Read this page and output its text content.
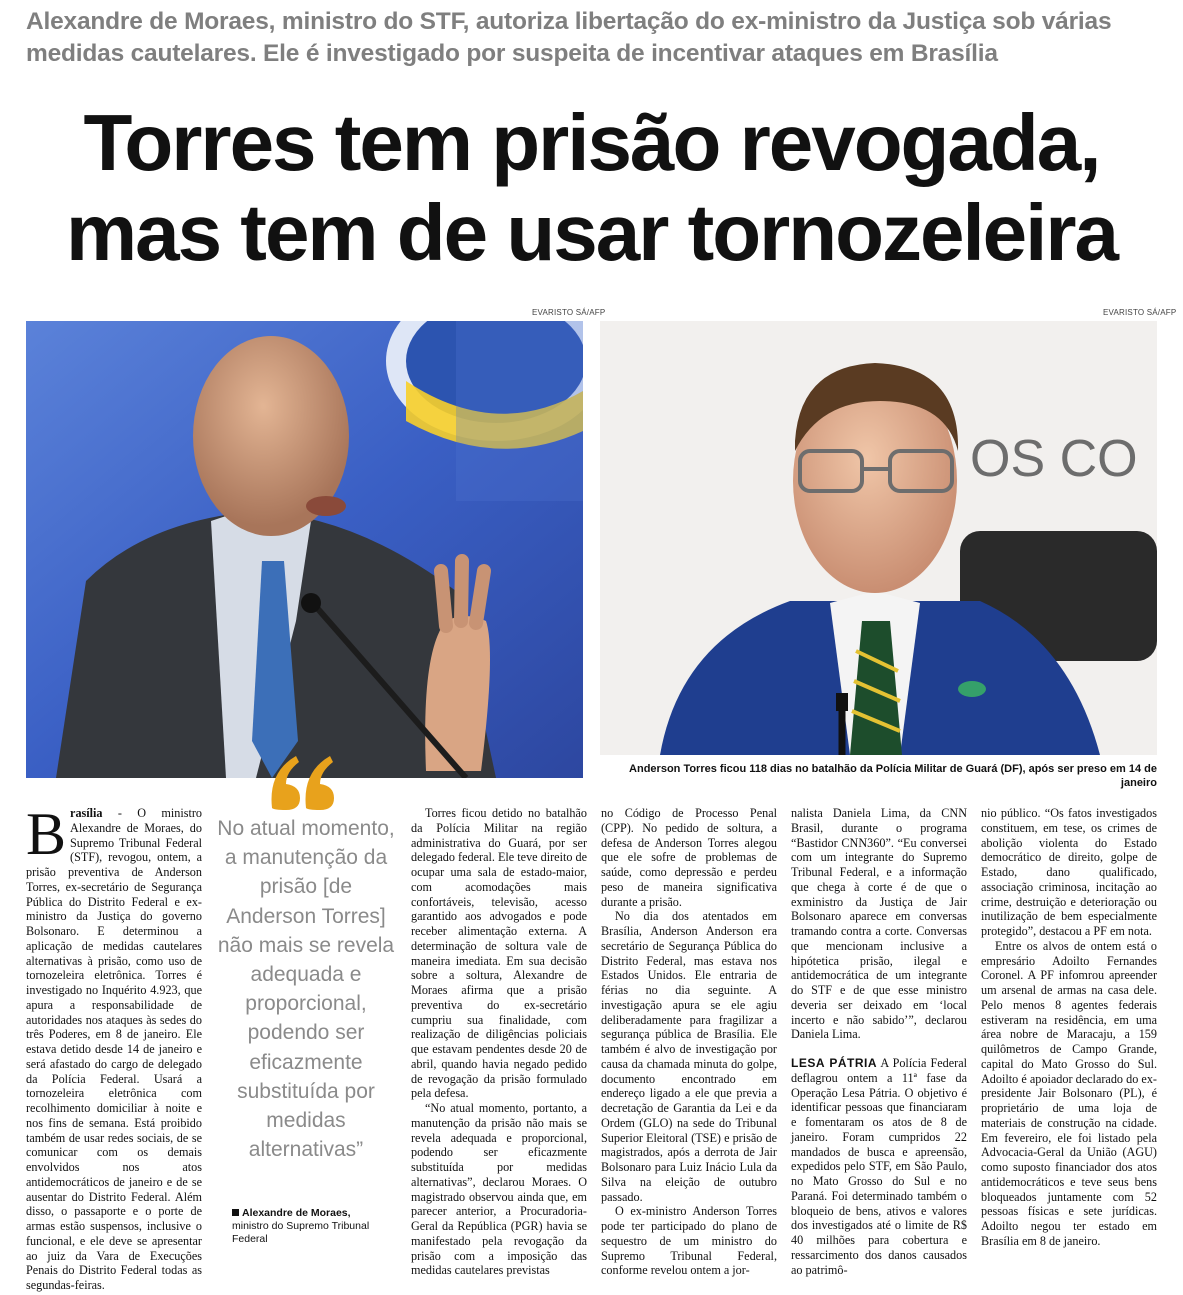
Alexandre de Moraes, ministro do STF, autoriza libertação do ex-ministro da Justiça sob várias medidas cautelares. Ele é investigado por suspeita de incentivar ataques em Brasília
Torres tem prisão revogada,
mas tem de usar tornozeleira
EVARISTO SÁ/AFP	EVARISTO SÁ/AFP
OS CO
Anderson Torres ficou 118 dias no batalhão da Polícia Militar de Guará (DF), após ser preso em 14 de janeiro

Brasília - O ministro Alexandre de Moraes, do Supremo Tribunal Federal (STF), revogou, ontem, a prisão preventiva de Anderson Torres, ex-secretário de Segurança Pública do Distrito Federal e ex-ministro da Justiça do governo Bolsonaro. E determinou a aplicação de medidas cautelares alternativas à prisão, como uso de tornozeleira eletrônica. Torres é investigado no Inquérito 4.923, que apura a responsabilidade de autoridades nos ataques às sedes do três Poderes, em 8 de janeiro. Ele estava detido desde 14 de janeiro e será afastado do cargo de delegado da Polícia Federal. Usará a tornozeleira eletrônica com recolhimento domiciliar à noite e nos fins de semana. Está proibido também de usar redes sociais, de se comunicar com os demais envolvidos nos atos antidemocráticos de janeiro e de se ausentar do Distrito Federal. Além disso, o passaporte e o porte de armas estão suspensos, inclusive o funcional, e ele deve se apresentar ao juiz da Vara de Execuções Penais do Distrito Federal todas as segundas-feiras.

No atual momento, a manutenção da prisão [de Anderson Torres] não mais se revela adequada e proporcional, podendo ser eficazmente substituída por medidas alternativas”
Alexandre de Moraes,
ministro do Supremo Tribunal Federal

Torres ficou detido no batalhão da Polícia Militar na região administrativa do Guará, por ser delegado federal. Ele teve direito de ocupar uma sala de estado-maior, com acomodações mais confortáveis, televisão, acesso garantido aos advogados e pode receber alimentação externa. A determinação de soltura vale de maneira imediata. Em sua decisão sobre a soltura, Alexandre de Moraes afirma que a prisão preventiva do ex-secretário cumpriu sua finalidade, com realização de diligências policiais que estavam pendentes desde 20 de abril, quando havia negado pedido de revogação da prisão formulado pela defesa.

“No atual momento, portanto, a manutenção da prisão não mais se revela adequada e proporcional, podendo ser eficazmente substituída por medidas alternativas”, declarou Moraes. O magistrado observou ainda que, em parecer anterior, a Procuradoria-Geral da República (PGR) havia se manifestado pela revogação da prisão com a imposição das medidas cautelares previstas

no Código de Processo Penal (CPP). No pedido de soltura, a defesa de Anderson Torres alegou que ele sofre de problemas de saúde, como depressão e perdeu peso de maneira significativa durante a prisão.

No dia dos atentados em Brasília, Anderson Anderson era secretário de Segurança Pública do Distrito Federal, mas estava nos Estados Unidos. Ele entraria de férias no dia seguinte. A investigação apura se ele agiu deliberadamente para fragilizar a segurança pública de Brasília. Ele também é alvo de investigação por causa da chamada minuta do golpe, documento encontrado em endereço ligado a ele que previa a decretação de Garantia da Lei e da Ordem (GLO) na sede do Tribunal Superior Eleitoral (TSE) e prisão de magistrados, após a derrota de Jair Bolsonaro para Luiz Inácio Lula da Silva na eleição de outubro passado.

O ex-ministro Anderson Torres pode ter participado do plano de sequestro de um ministro do Supremo Tribunal Federal, conforme revelou ontem a jor-

nalista Daniela Lima, da CNN Brasil, durante o programa “Bastidor CNN360”. “Eu conversei com um integrante do Supremo Tribunal Federal, e a informação que chega à corte é de que o exministro da Justiça de Jair Bolsonaro aparece em conversas tramando contra a corte. Conversas que mencionam inclusive a hipótetica prisão, ilegal e antidemocrática de um integrante do STF e de que esse ministro deveria ser deixado em ‘local incerto e não sabido’”, declarou Daniela Lima.

LESA PÁTRIA A Polícia Federal deflagrou ontem a 11ª fase da Operação Lesa Pátria. O objetivo é identificar pessoas que financiaram e fomentaram os atos de 8 de janeiro. Foram cumpridos 22 mandados de busca e apreensão, expedidos pelo STF, em São Paulo, no Mato Grosso do Sul e no Paraná. Foi determinado também o bloqueio de bens, ativos e valores dos investigados até o limite de R$ 40 milhões para cobertura e ressarcimento dos danos causados ao patrimô-

nio público. “Os fatos investigados constituem, em tese, os crimes de abolição violenta do Estado democrático de direito, golpe de Estado, dano qualificado, associação criminosa, incitação ao crime, destruição e deterioração ou inutilização de bem especialmente protegido”, destacou a PF em nota.

Entre os alvos de ontem está o empresário Adoilto Fernandes Coronel. A PF infomrou apreender um arsenal de armas na casa dele. Pelo menos 8 agentes federais estiveram na residência, em uma área nobre de Maracaju, a 159 quilômetros de Campo Grande, capital do Mato Grosso do Sul. Adoilto é apoiador declarado do ex-presidente Jair Bolsonaro (PL), é proprietário de uma loja de materiais de construção na cidade. Em fevereiro, ele foi listado pela Advocacia-Geral da União (AGU) como suposto financiador dos atos antidemocráticos e teve seus bens bloqueados juntamente com 52 pessoas físicas e sete jurídicas. Adoilto negou ter estado em Brasília em 8 de janeiro.
